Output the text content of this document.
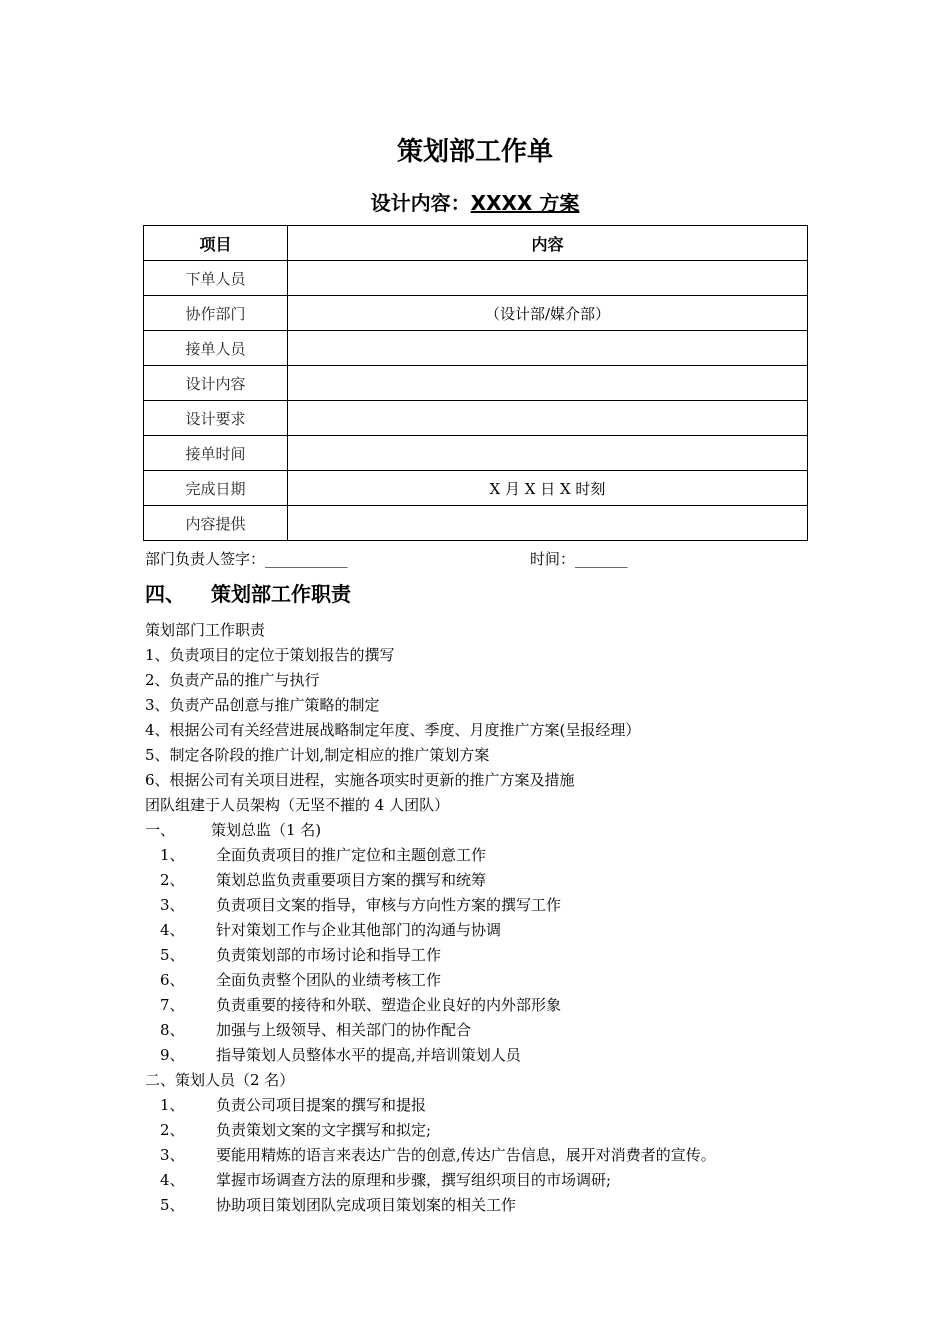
策划部工作单
设计内容：XXXX 方案
项目	内容
下单人员	
协作部门	（设计部/媒介部）
接单人员	
设计内容	
设计要求	
接单时间	
完成日期	X 月 X 日 X 时刻
内容提供	
部门负责人签字：___________	时间：_______
四、 策划部工作职责
策划部门工作职责
1、负责项目的定位于策划报告的撰写
2、负责产品的推广与执行
3、负责产品创意与推广策略的制定
4、根据公司有关经营进展战略制定年度、季度、月度推广方案(呈报经理）
5、制定各阶段的推广计划,制定相应的推广策划方案
6、根据公司有关项目进程，实施各项实时更新的推广方案及措施
团队组建于人员架构（无坚不摧的 4 人团队）
一、 策划总监（1 名)
1、 全面负责项目的推广定位和主题创意工作
2、 策划总监负责重要项目方案的撰写和统筹
3、 负责项目文案的指导，审核与方向性方案的撰写工作
4、 针对策划工作与企业其他部门的沟通与协调
5、 负责策划部的市场讨论和指导工作
6、 全面负责整个团队的业绩考核工作
7、 负责重要的接待和外联、塑造企业良好的内外部形象
8、 加强与上级领导、相关部门的协作配合
9、 指导策划人员整体水平的提高,并培训策划人员
二、策划人员（2 名）
1、 负责公司项目提案的撰写和提报
2、 负责策划文案的文字撰写和拟定;
3、 要能用精炼的语言来表达广告的创意,传达广告信息，展开对消费者的宣传。
4、 掌握市场调查方法的原理和步骤，撰写组织项目的市场调研;
5、 协助项目策划团队完成项目策划案的相关工作
